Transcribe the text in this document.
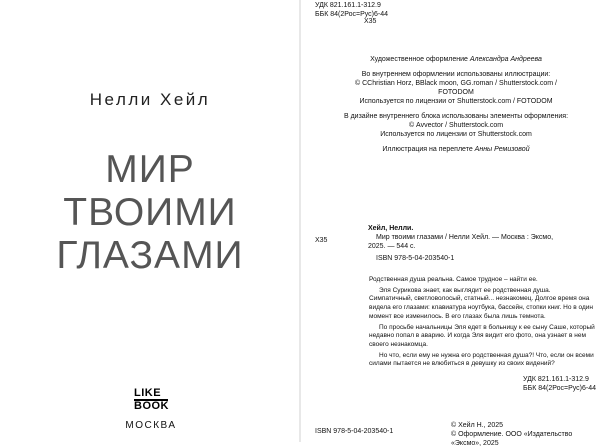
Нелли Хейл
МИР
ТВОИМИ
ГЛАЗАМИ
LIKE
BOOK
МОСКВА
УДК 821.161.1-312.9
ББК 84(2Рос=Рус)6-44
Х35

Художественное оформление Александра Андреева

Во внутреннем оформлении использованы иллюстрации:
© CChristian Horz, BBlack moon, GG.roman / Shutterstock.com / FOTODOM
Используется по лицензии от Shutterstock.com / FOTODOM

В дизайне внутреннего блока использованы элементы оформления:
© Avvector / Shutterstock.com
Используется по лицензии от Shutterstock.com

Иллюстрация на переплете Анны Ремизовой

Х35
Хейл, Нелли.
Мир твоими глазами / Нелли Хейл. — Москва : Эксмо,
2025. — 544 с.
ISBN 978-5-04-203540-1

Родственная душа реальна. Самое трудное – найти ее.

Эля Сурикова знает, как выглядит ее родственная душа. Симпатичный, светловолосый, статный... незнакомец. Долгое время она видела его глазами: клавиатура ноутбука, бассейн, стопки книг. Но в один момент все изменилось. В его глазах была лишь темнота.

По просьбе начальницы Эля едет в больницу к ее сыну Саше, который недавно попал в аварию. И когда Эля видит его фото, она узнает в нем своего незнакомца.

Но что, если ему не нужна его родственная душа?! Что, если он всеми силами пытается не влюбиться в девушку из своих видений?

УДК 821.161.1-312.9
ББК 84(2Рос=Рус)6-44
ISBN 978-5-04-203540-1
© Хейл Н., 2025
© Оформление. ООО «Издательство «Эксмо», 2025
